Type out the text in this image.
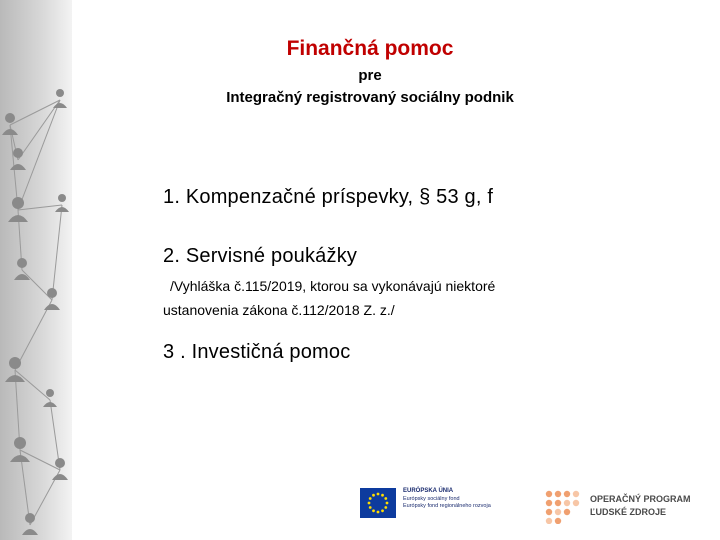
Finančná pomoc
pre
Integračný registrovaný sociálny podnik
1. Kompenzačné príspevky, § 53 g, f
2. Servisné poukážky
/Vyhláška č.115/2019, ktorou sa vykonávajú niektoré
ustanovenia zákona č.112/2018 Z. z./
3 . Investičná pomoc
EURÓPSKA ÚNIA
Európsky sociálny fond
Európsky fond regionálneho rozvoja
OPERAČNÝ PROGRAM
ĽUDSKÉ ZDROJE
